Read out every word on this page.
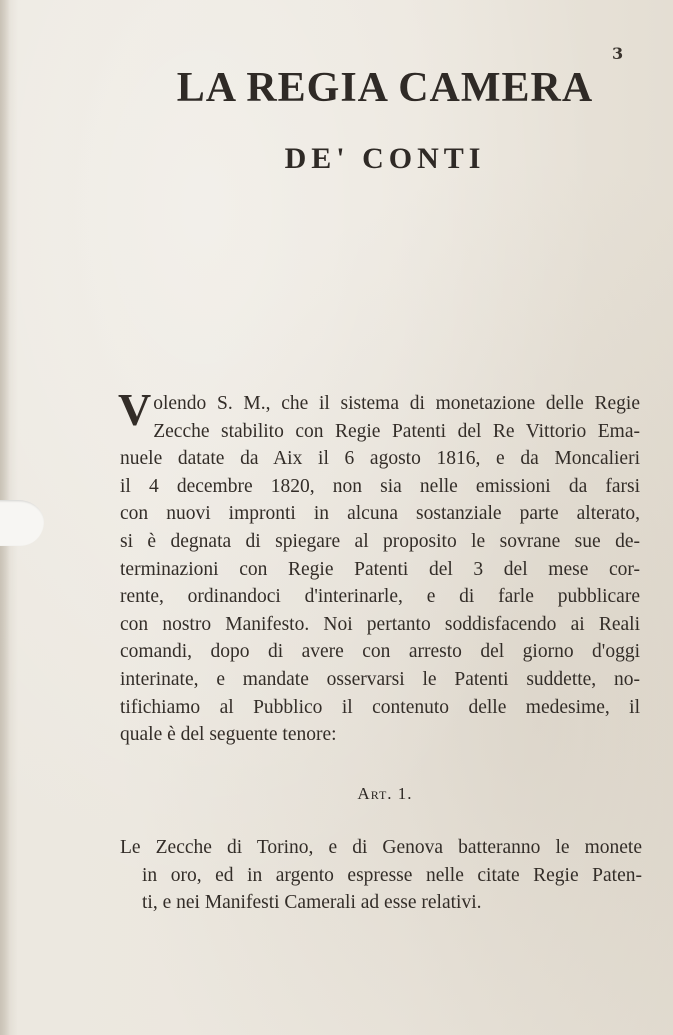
3
LA REGIA CAMERA
DE' CONTI
V olendo S. M., che il sistema di monetazione delle Regie
Zecche stabilito con Regie Patenti del Re Vittorio Ema-
nuele datate da Aix il 6 agosto 1816, e da Moncalieri
il 4 decembre 1820, non sia nelle emissioni da farsi
con nuovi impronti in alcuna sostanziale parte alterato,
si è degnata di spiegare al proposito le sovrane sue de-
terminazioni con Regie Patenti del 3 del mese cor-
rente, ordinandoci d'interinarle, e di farle pubblicare
con nostro Manifesto. Noi pertanto soddisfacendo ai Reali
comandi, dopo di avere con arresto del giorno d'oggi
interinate, e mandate osservarsi le Patenti suddette, no-
tifichiamo al Pubblico il contenuto delle medesime, il
quale è del seguente tenore:
Art. 1.
Le Zecche di Torino, e di Genova batteranno le monete
in oro, ed in argento espresse nelle citate Regie Paten-
ti, e nei Manifesti Camerali ad esse relativi.
